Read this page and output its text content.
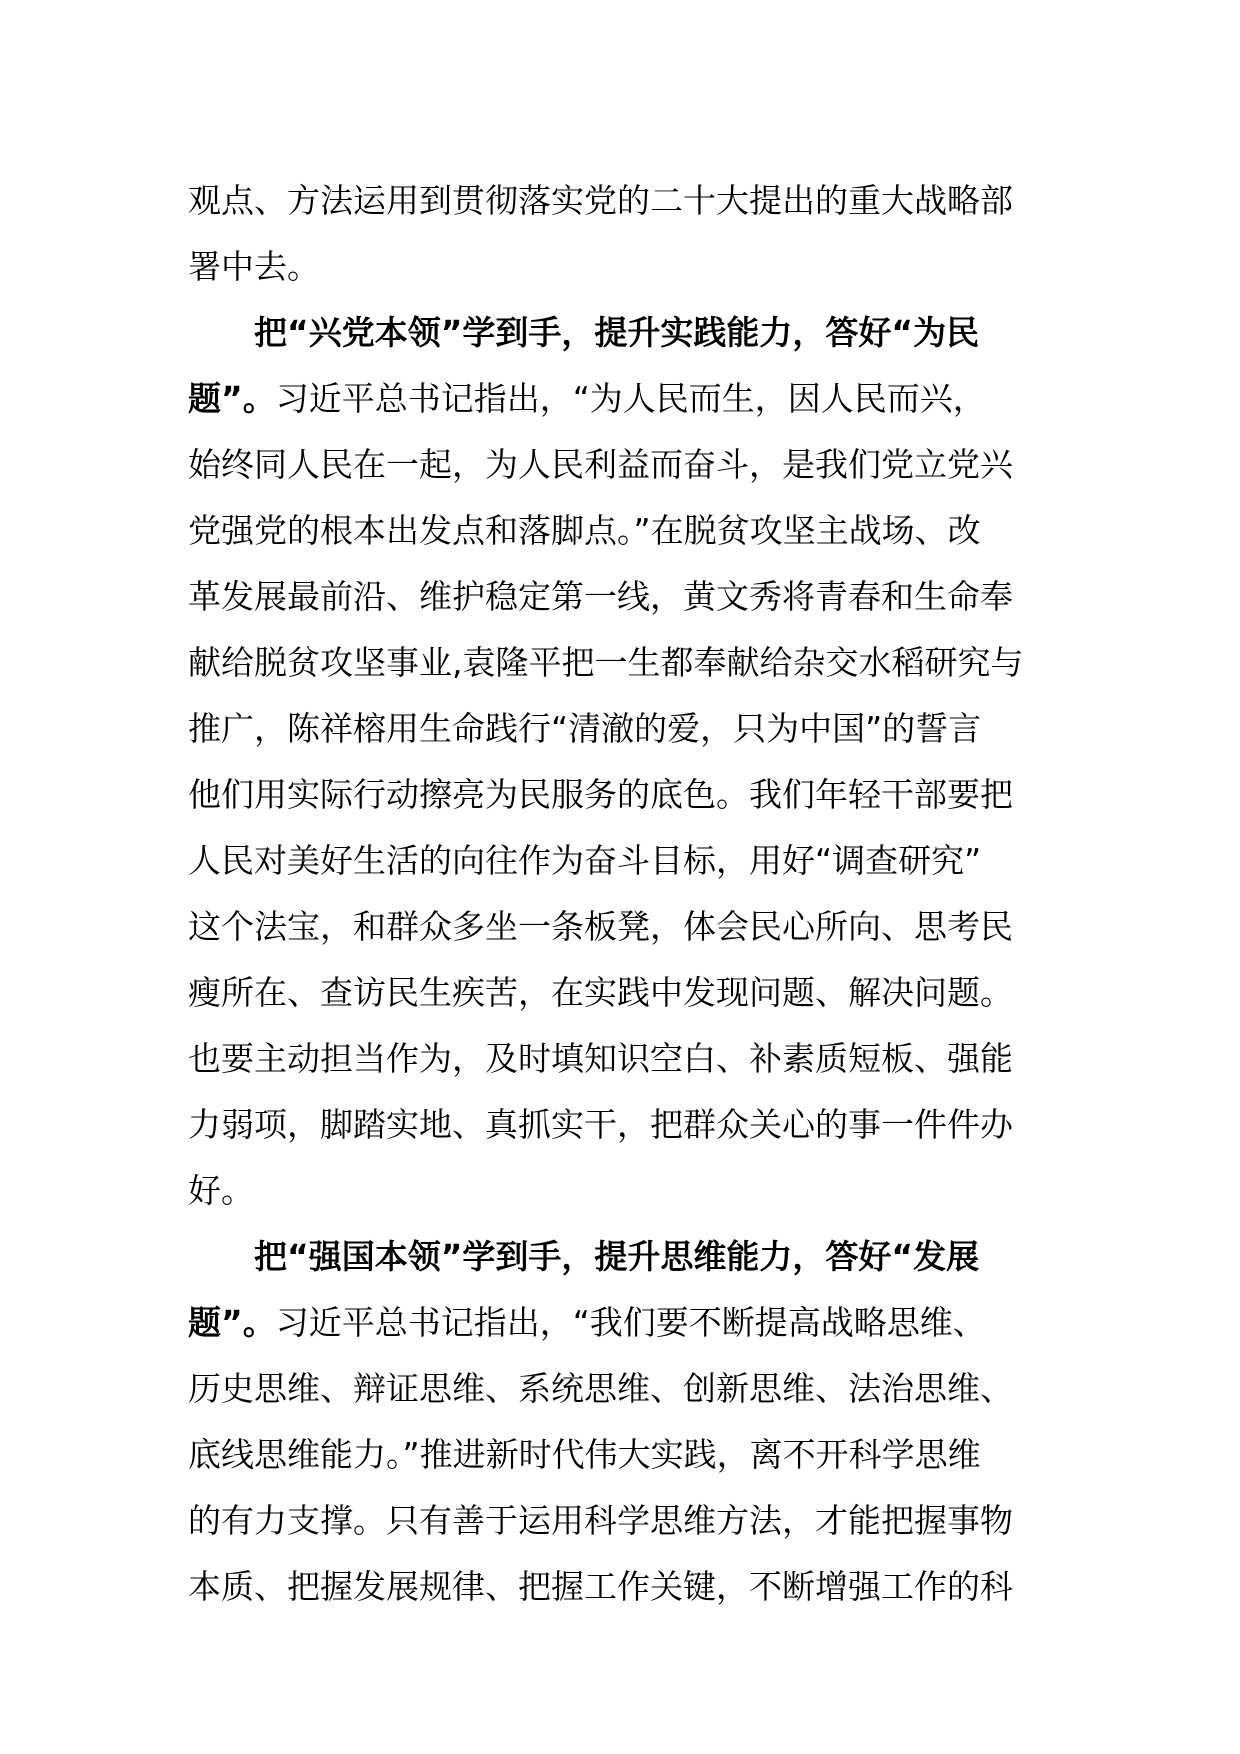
观点、方法运用到贯彻落实党的二十大提出的重大战略部
署中去。
把“兴党本领”学到手，提升实践能力，答好“为民
题”。习近平总书记指出，“为人民而生，因人民而兴，
始终同人民在一起，为人民利益而奋斗，是我们党立党兴
党强党的根本出发点和落脚点。”在脱贫攻坚主战场、改
革发展最前沿、维护稳定第一线，黄文秀将青春和生命奉
献给脱贫攻坚事业,袁隆平把一生都奉献给杂交水稻研究与
推广，陈祥榕用生命践行“清澈的爱，只为中国”的誓言
他们用实际行动擦亮为民服务的底色。我们年轻干部要把
人民对美好生活的向往作为奋斗目标，用好“调查研究”
这个法宝，和群众多坐一条板凳，体会民心所向、思考民
瘦所在、查访民生疾苦，在实践中发现问题、解决问题。
也要主动担当作为，及时填知识空白、补素质短板、强能
力弱项，脚踏实地、真抓实干，把群众关心的事一件件办
好。
把“强国本领”学到手，提升思维能力，答好“发展
题”。习近平总书记指出，“我们要不断提高战略思维、
历史思维、辩证思维、系统思维、创新思维、法治思维、
底线思维能力。”推进新时代伟大实践，离不开科学思维
的有力支撑。只有善于运用科学思维方法，才能把握事物
本质、把握发展规律、把握工作关键，不断增强工作的科
